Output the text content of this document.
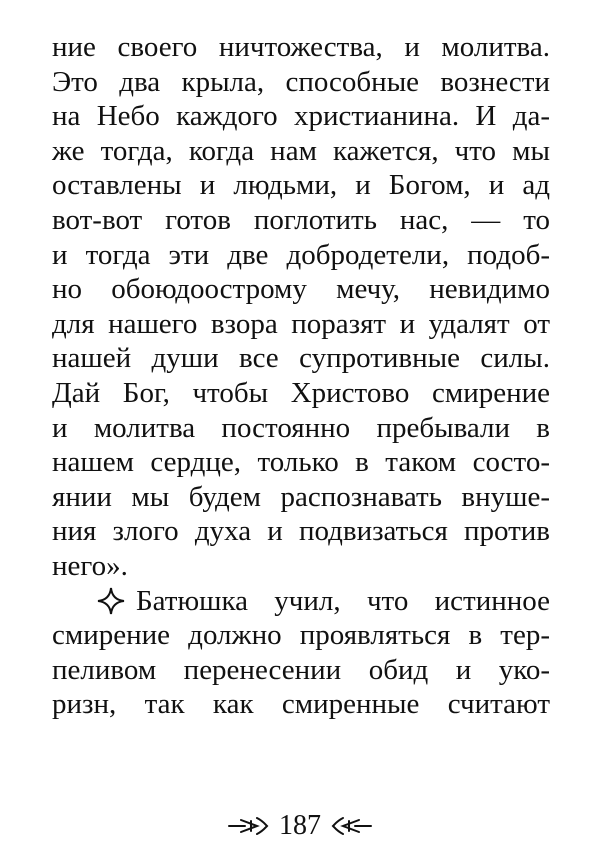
ние своего ничтожества, и молитва.
Это два крыла, способные вознести
на Небо каждого христианина. И да-
же тогда, когда нам кажется, что мы
оставлены и людьми, и Богом, и ад
вот-вот готов поглотить нас, — то
и тогда эти две добродетели, подоб-
но обоюдоострому мечу, невидимо
для нашего взора поразят и удалят от
нашей души все супротивные силы.
Дай Бог, чтобы Христово смирение
и молитва постоянно пребывали в
нашем сердце, только в таком состо-
янии мы будем распознавать внуше-
ния злого духа и подвизаться против
него».
Батюшка учил, что истинное
смирение должно проявляться в тер-
пеливом перенесении обид и уко-
ризн, так как смиренные считают
187
